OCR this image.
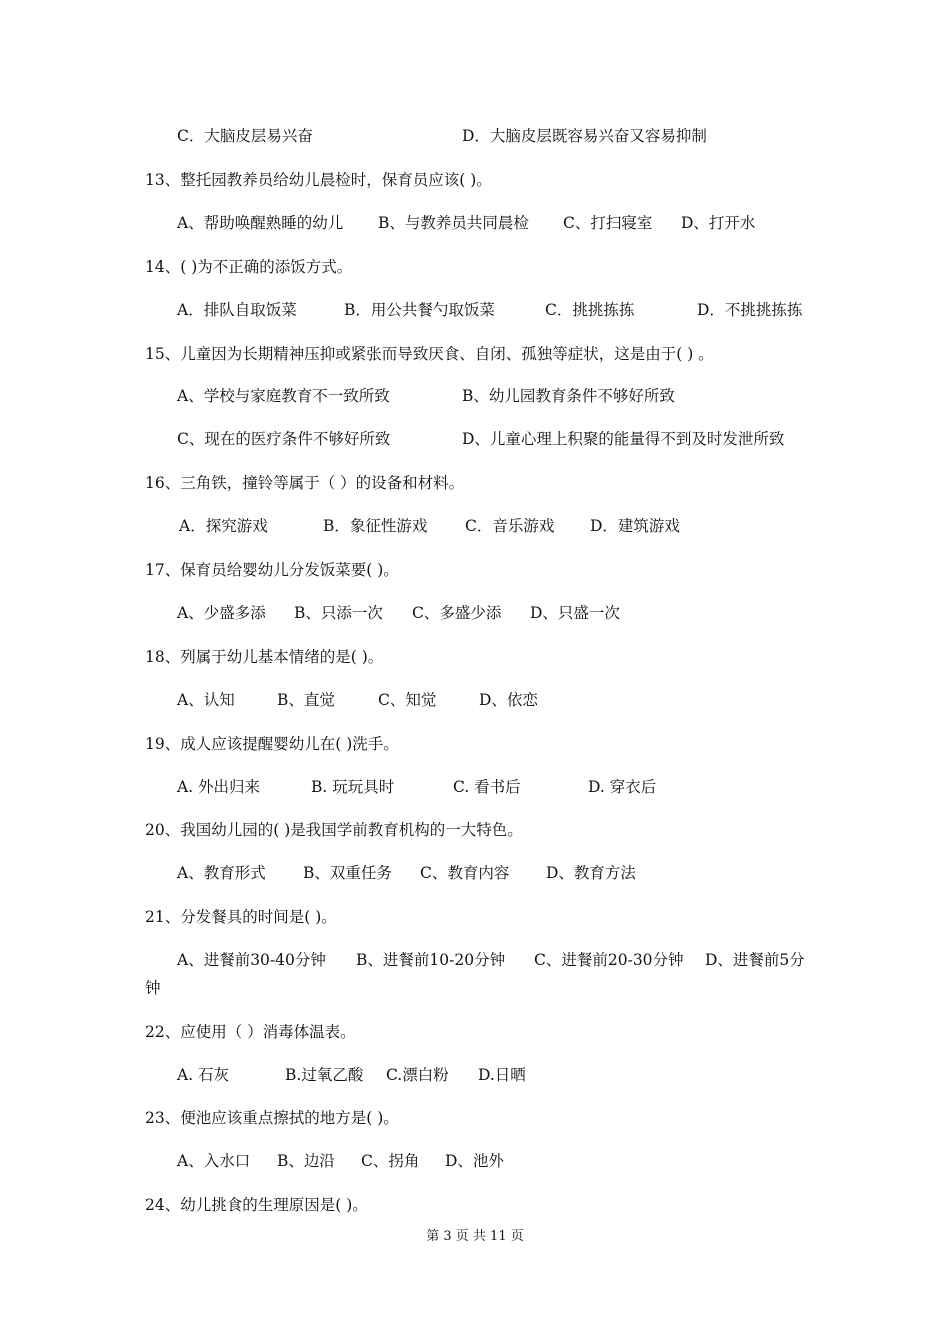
C．大脑皮层易兴奋	D．大脑皮层既容易兴奋又容易抑制
13、整托园教养员给幼儿晨检时，保育员应该( )。
A、帮助唤醒熟睡的幼儿 B、与教养员共同晨检 C、打扫寝室 D、打开水
14、( )为不正确的添饭方式。
A．排队自取饭菜	B．用公共餐勺取饭菜	C．挑挑拣拣	D．不挑挑拣拣
15、儿童因为长期精神压抑或紧张而导致厌食、自闭、孤独等症状，这是由于( ) 。
A、学校与家庭教育不一致所致	B、幼儿园教育条件不够好所致
C、现在的医疗条件不够好所致	D、儿童心理上积聚的能量得不到及时发泄所致
16、三角铁，撞铃等属于（ ）的设备和材料。
A．探究游戏	B．象征性游戏 C．音乐游戏 D．建筑游戏
17、保育员给婴幼儿分发饭菜要( )。
A、少盛多添 B、只添一次 C、多盛少添 D、只盛一次
18、列属于幼儿基本情绪的是( )。
A、认知	B、直觉	C、知觉	D、依恋
19、成人应该提醒婴幼儿在( )洗手。
A. 外出归来	B. 玩玩具时	C. 看书后	D. 穿衣后
20、我国幼儿园的( )是我国学前教育机构的一大特色。
A、教育形式 B、双重任务 C、教育内容 D、教育方法
21、分发餐具的时间是( )。
A、进餐前30-40分钟 B、进餐前10-20分钟 C、进餐前20-30分钟 D、进餐前5分
钟
22、应使用（ ）消毒体温表。
A. 石灰	B.过氧乙酸 C.漂白粉 D.日晒
23、便池应该重点擦拭的地方是( )。
A、入水口 B、边沿 C、拐角 D、池外
24、幼儿挑食的生理原因是( )。
第 3 页 共 11 页
